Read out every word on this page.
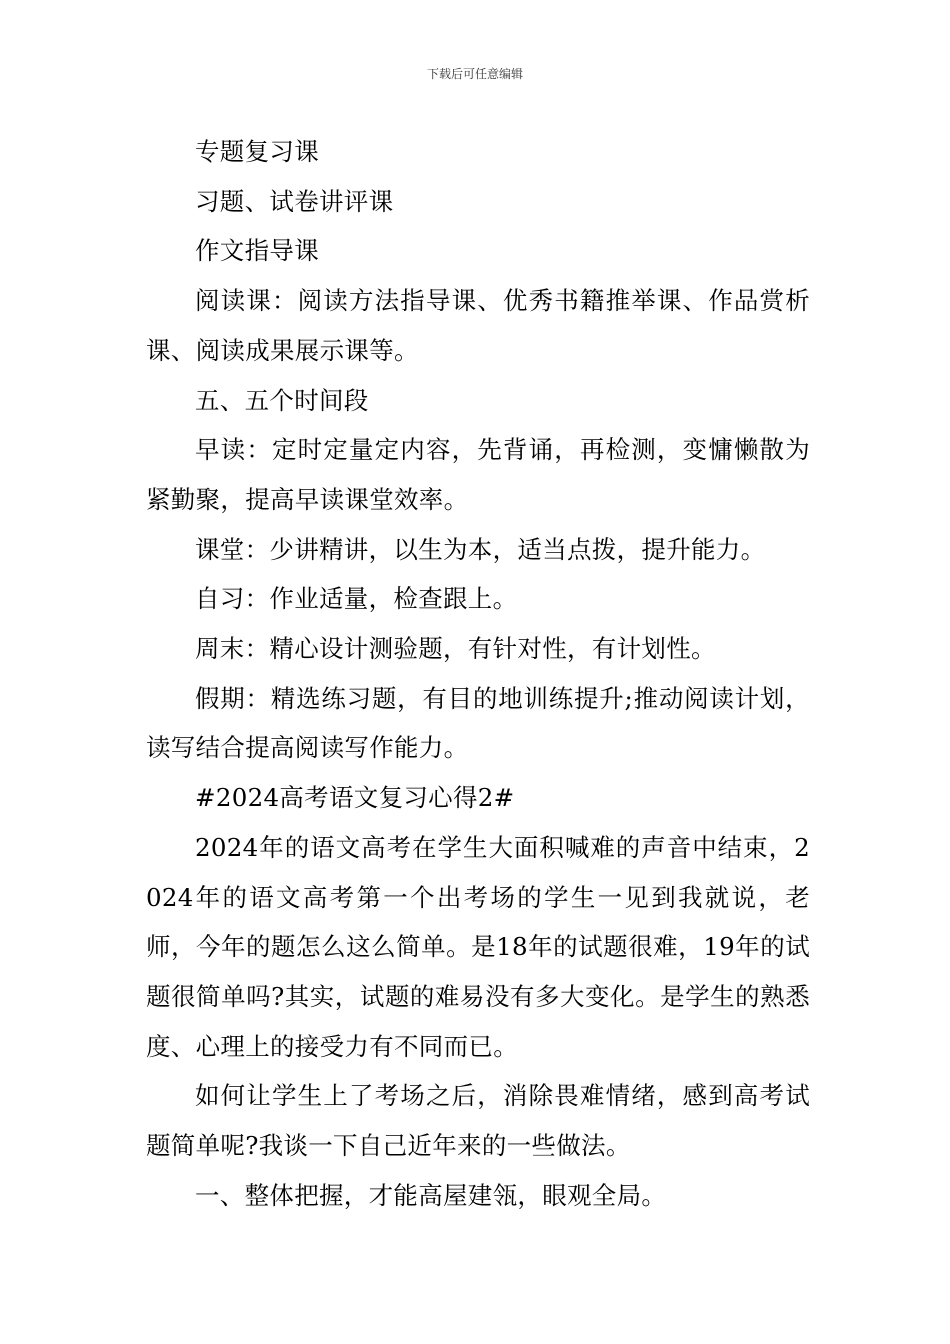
下载后可任意编辑

专题复习课

习题、试卷讲评课

作文指导课

阅读课：阅读方法指导课、优秀书籍推举课、作品赏析课、阅读成果展示课等。

五、五个时间段

早读：定时定量定内容，先背诵，再检测，变慵懒散为紧勤聚，提高早读课堂效率。

课堂：少讲精讲，以生为本，适当点拨，提升能力。

自习：作业适量，检查跟上。

周末：精心设计测验题，有针对性，有计划性。

假期：精选练习题，有目的地训练提升;推动阅读计划，读写结合提高阅读写作能力。

#2024高考语文复习心得2#

2024年的语文高考在学生大面积喊难的声音中结束，2024年的语文高考第一个出考场的学生一见到我就说，老师，今年的题怎么这么简单。是18年的试题很难，19年的试题很简单吗?其实，试题的难易没有多大变化。是学生的熟悉度、心理上的接受力有不同而已。

如何让学生上了考场之后，消除畏难情绪，感到高考试题简单呢?我谈一下自己近年来的一些做法。

一、整体把握，才能高屋建瓴，眼观全局。
